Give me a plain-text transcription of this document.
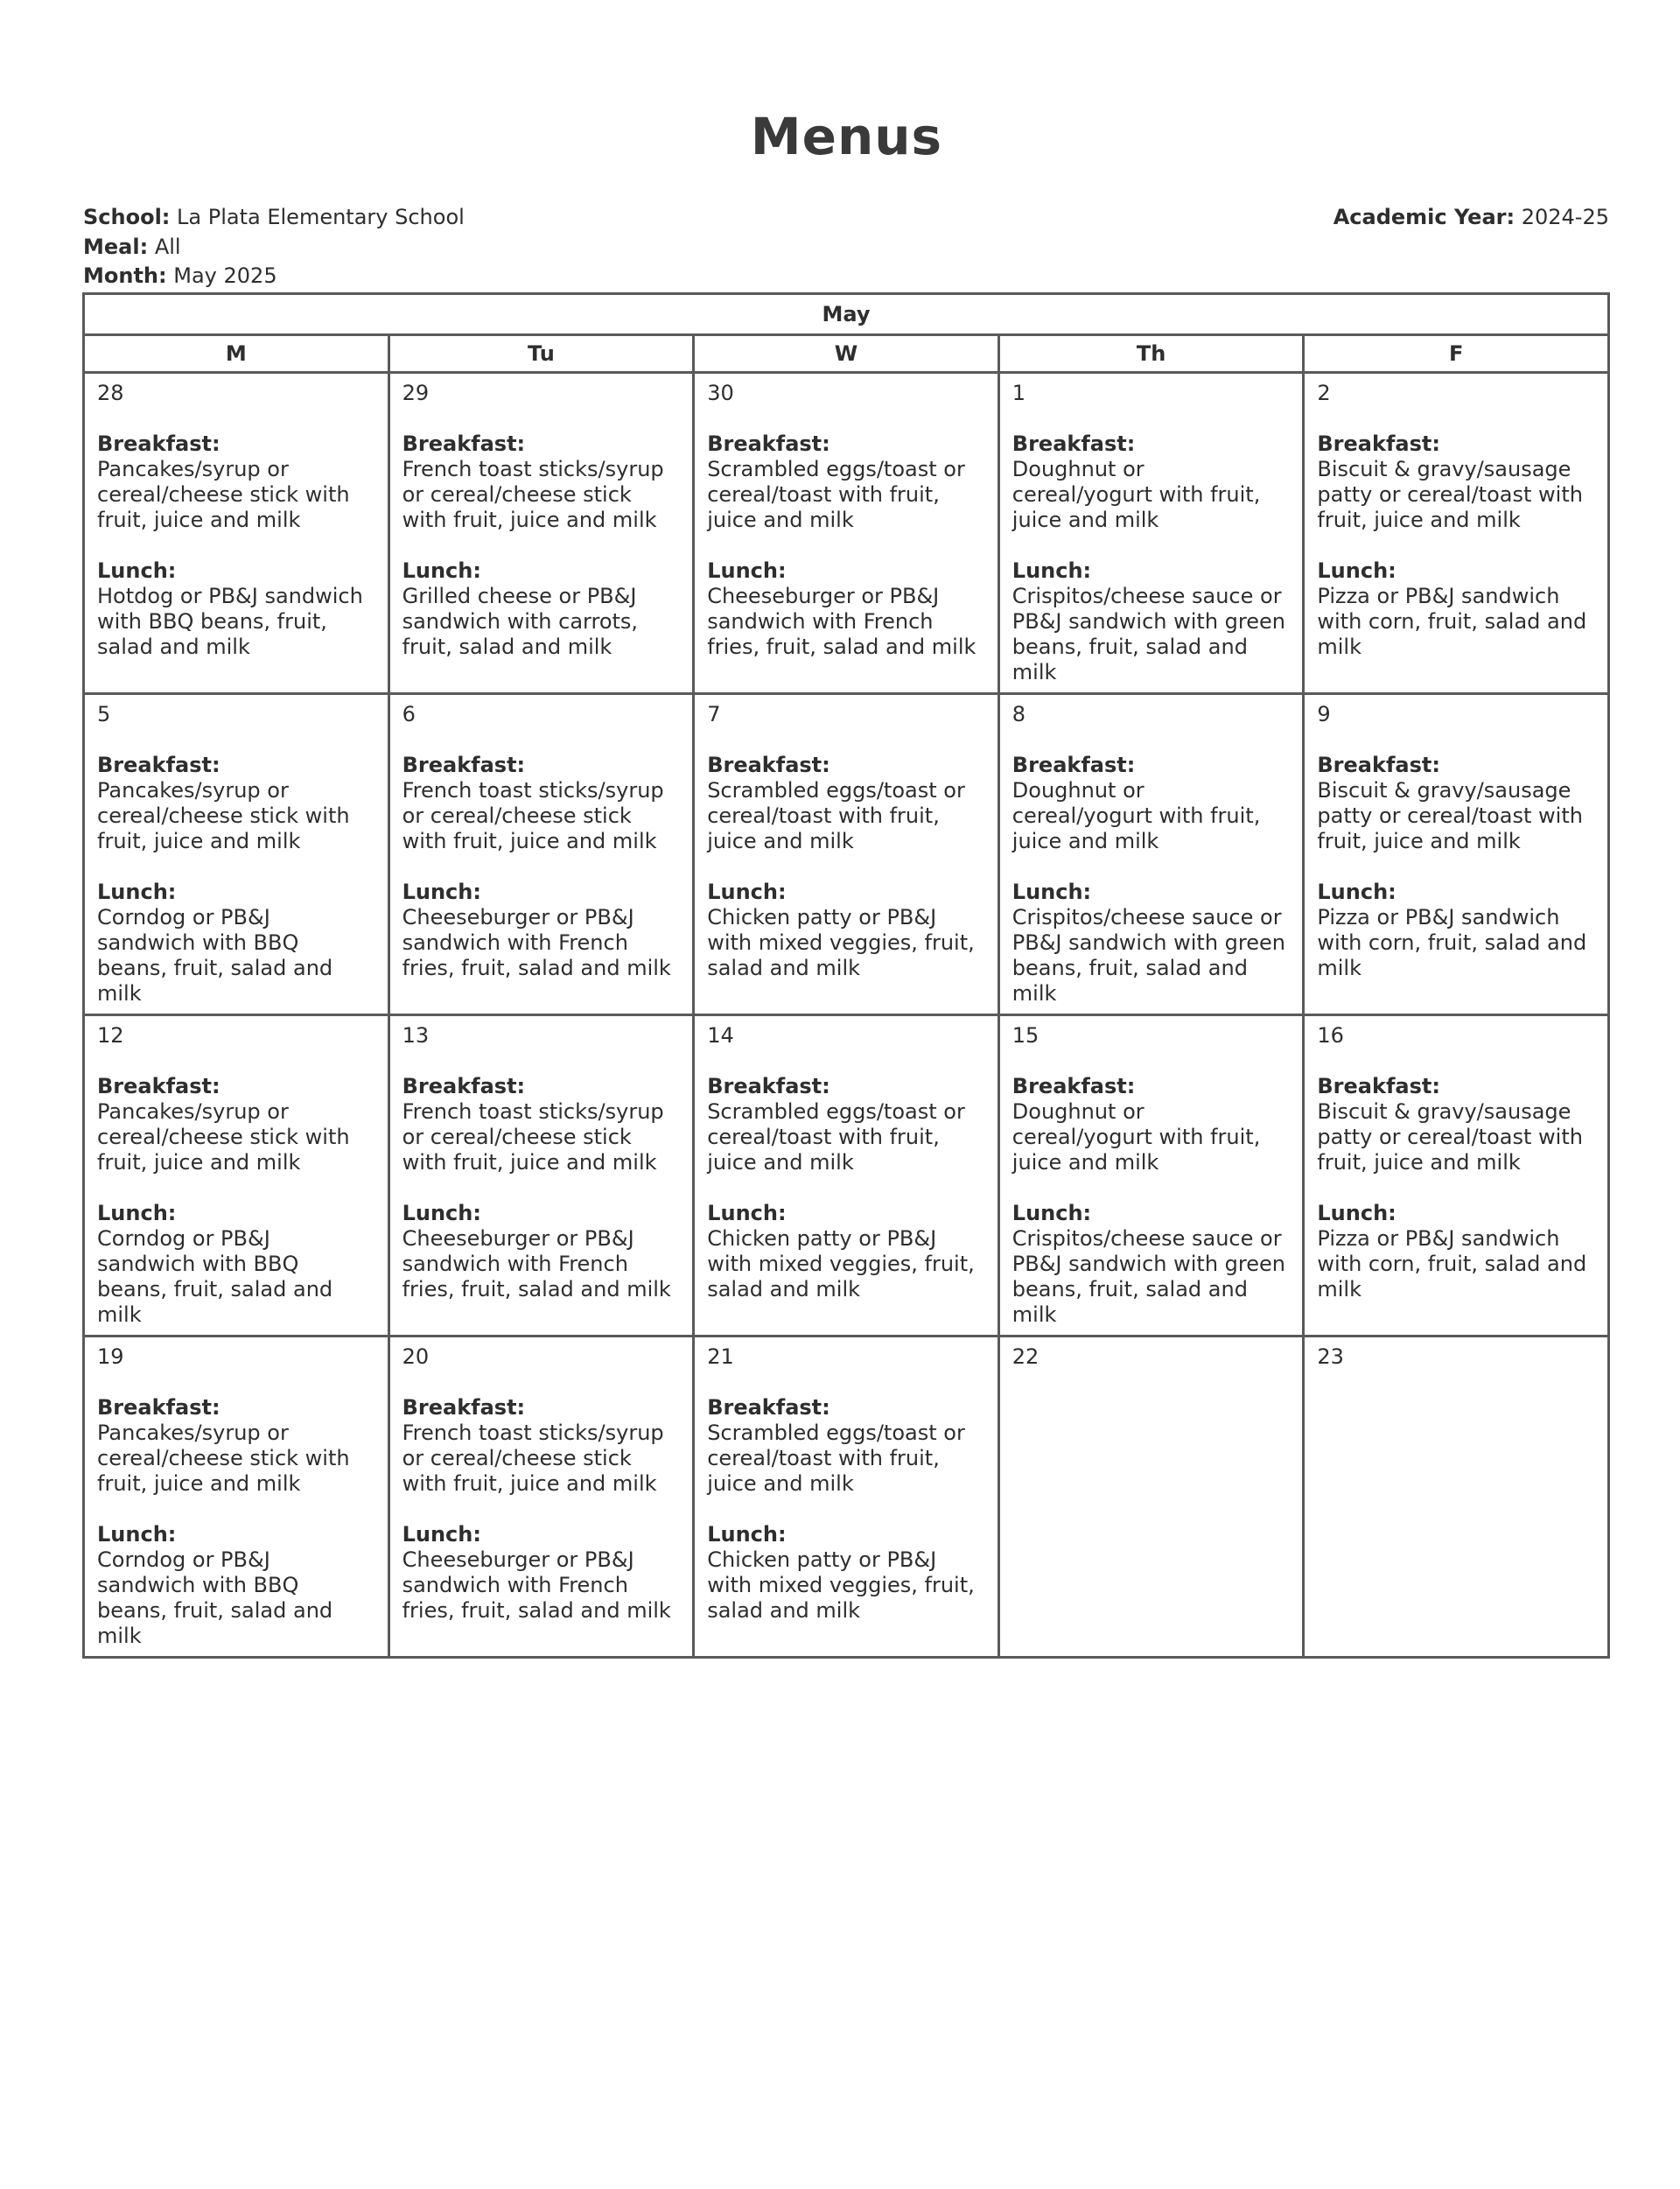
Menus
School: La Plata Elementary School
Meal: All
Month: May 2025
Academic Year: 2024-25
May				
M	Tu	W	Th	F

28
Breakfast:
Pancakes/syrup or cereal/cheese stick with fruit, juice and milk
Lunch:
Hotdog or PB&J sandwich with BBQ beans, fruit, salad and milk	29
Breakfast:
French toast sticks/syrup or cereal/cheese stick with fruit, juice and milk
Lunch:
Grilled cheese or PB&J sandwich with carrots, fruit, salad and milk	30
Breakfast:
Scrambled eggs/toast or cereal/toast with fruit, juice and milk
Lunch:
Cheeseburger or PB&J sandwich with French fries, fruit, salad and milk	1
Breakfast:
Doughnut or cereal/yogurt with fruit, juice and milk
Lunch:
Crispitos/cheese sauce or PB&J sandwich with green beans, fruit, salad and milk	2
Breakfast:
Biscuit & gravy/sausage patty or cereal/toast with fruit, juice and milk
Lunch:
Pizza or PB&J sandwich with corn, fruit, salad and milk

5
Breakfast:
Pancakes/syrup or cereal/cheese stick with fruit, juice and milk
Lunch:
Corndog or PB&J sandwich with BBQ beans, fruit, salad and milk	6
Breakfast:
French toast sticks/syrup or cereal/cheese stick with fruit, juice and milk
Lunch:
Cheeseburger or PB&J sandwich with French fries, fruit, salad and milk	7
Breakfast:
Scrambled eggs/toast or cereal/toast with fruit, juice and milk
Lunch:
Chicken patty or PB&J with mixed veggies, fruit, salad and milk	8
Breakfast:
Doughnut or cereal/yogurt with fruit, juice and milk
Lunch:
Crispitos/cheese sauce or PB&J sandwich with green beans, fruit, salad and milk	9
Breakfast:
Biscuit & gravy/sausage patty or cereal/toast with fruit, juice and milk
Lunch:
Pizza or PB&J sandwich with corn, fruit, salad and milk

12
Breakfast:
Pancakes/syrup or cereal/cheese stick with fruit, juice and milk
Lunch:
Corndog or PB&J sandwich with BBQ beans, fruit, salad and milk	13
Breakfast:
French toast sticks/syrup or cereal/cheese stick with fruit, juice and milk
Lunch:
Cheeseburger or PB&J sandwich with French fries, fruit, salad and milk	14
Breakfast:
Scrambled eggs/toast or cereal/toast with fruit, juice and milk
Lunch:
Chicken patty or PB&J with mixed veggies, fruit, salad and milk	15
Breakfast:
Doughnut or cereal/yogurt with fruit, juice and milk
Lunch:
Crispitos/cheese sauce or PB&J sandwich with green beans, fruit, salad and milk	16
Breakfast:
Biscuit & gravy/sausage patty or cereal/toast with fruit, juice and milk
Lunch:
Pizza or PB&J sandwich with corn, fruit, salad and milk

19
Breakfast:
Pancakes/syrup or cereal/cheese stick with fruit, juice and milk
Lunch:
Corndog or PB&J sandwich with BBQ beans, fruit, salad and milk	20
Breakfast:
French toast sticks/syrup or cereal/cheese stick with fruit, juice and milk
Lunch:
Cheeseburger or PB&J sandwich with French fries, fruit, salad and milk	21
Breakfast:
Scrambled eggs/toast or cereal/toast with fruit, juice and milk
Lunch:
Chicken patty or PB&J with mixed veggies, fruit, salad and milk	22	23
